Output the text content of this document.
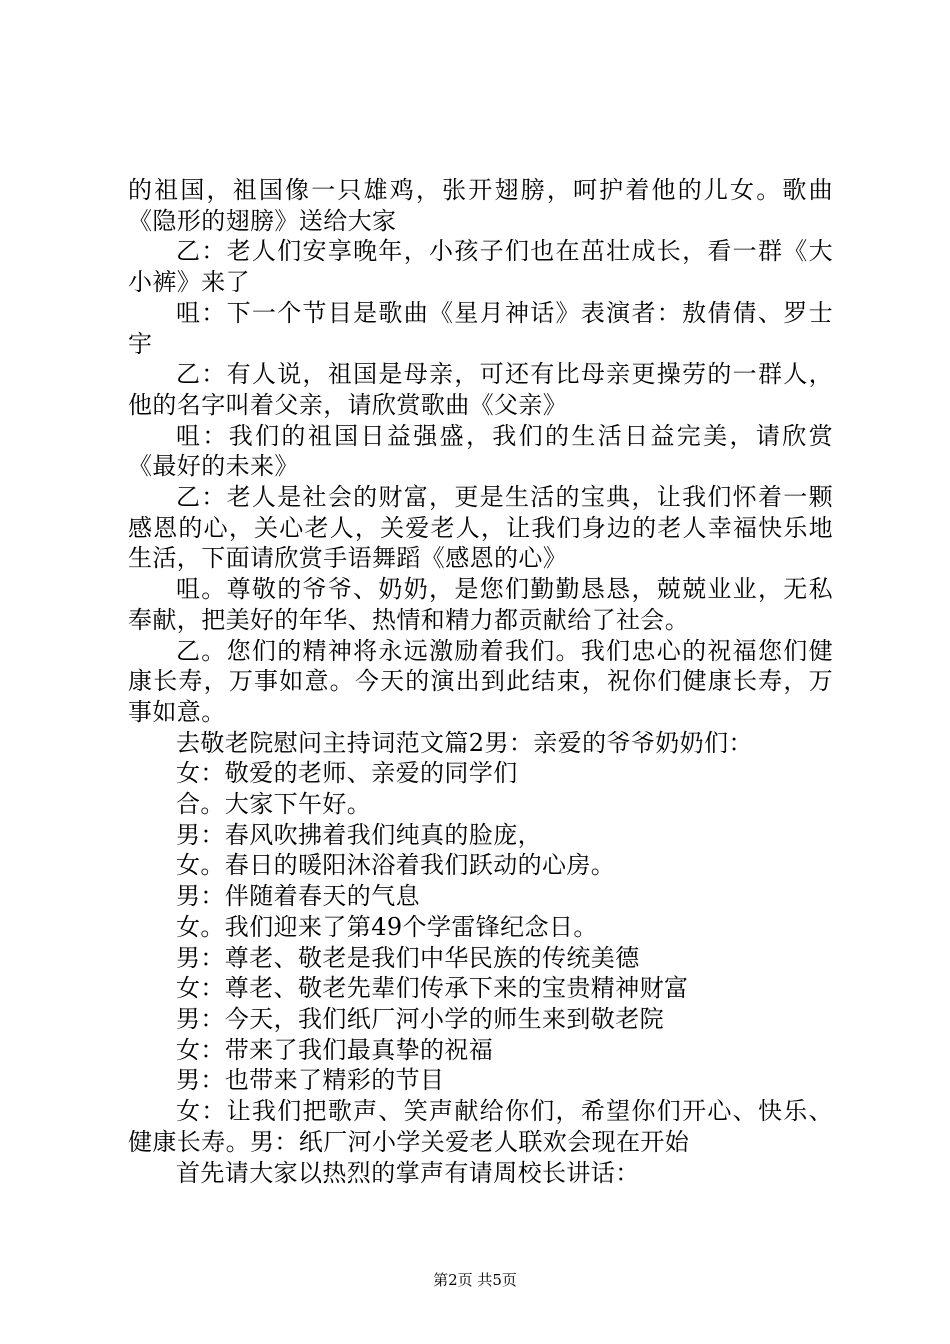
的祖国，祖国像一只雄鸡，张开翅膀，呵护着他的儿女。歌曲《隐形的翅膀》送给大家

乙：老人们安享晚年，小孩子们也在茁壮成长，看一群《大小裤》来了

咀：下一个节目是歌曲《星月神话》表演者：敖倩倩、罗士宇

乙：有人说，祖国是母亲，可还有比母亲更操劳的一群人，他的名字叫着父亲，请欣赏歌曲《父亲》

咀：我们的祖国日益强盛，我们的生活日益完美，请欣赏《最好的未来》

乙：老人是社会的财富，更是生活的宝典，让我们怀着一颗感恩的心，关心老人，关爱老人，让我们身边的老人幸福快乐地生活，下面请欣赏手语舞蹈《感恩的心》

咀。尊敬的爷爷、奶奶，是您们勤勤恳恳，兢兢业业，无私奉献，把美好的年华、热情和精力都贡献给了社会。

乙。您们的精神将永远激励着我们。我们忠心的祝福您们健康长寿，万事如意。今天的演出到此结束，祝你们健康长寿，万事如意。

去敬老院慰问主持词范文篇2男：亲爱的爷爷奶奶们：

女：敬爱的老师、亲爱的同学们

合。大家下午好。

男：春风吹拂着我们纯真的脸庞，

女。春日的暖阳沐浴着我们跃动的心房。

男：伴随着春天的气息

女。我们迎来了第49个学雷锋纪念日。

男：尊老、敬老是我们中华民族的传统美德

女：尊老、敬老先辈们传承下来的宝贵精神财富

男：今天，我们纸厂河小学的师生来到敬老院

女：带来了我们最真挚的祝福

男：也带来了精彩的节目

女：让我们把歌声、笑声献给你们，希望你们开心、快乐、健康长寿。男：纸厂河小学关爱老人联欢会现在开始

首先请大家以热烈的掌声有请周校长讲话：

第2页 共5页
